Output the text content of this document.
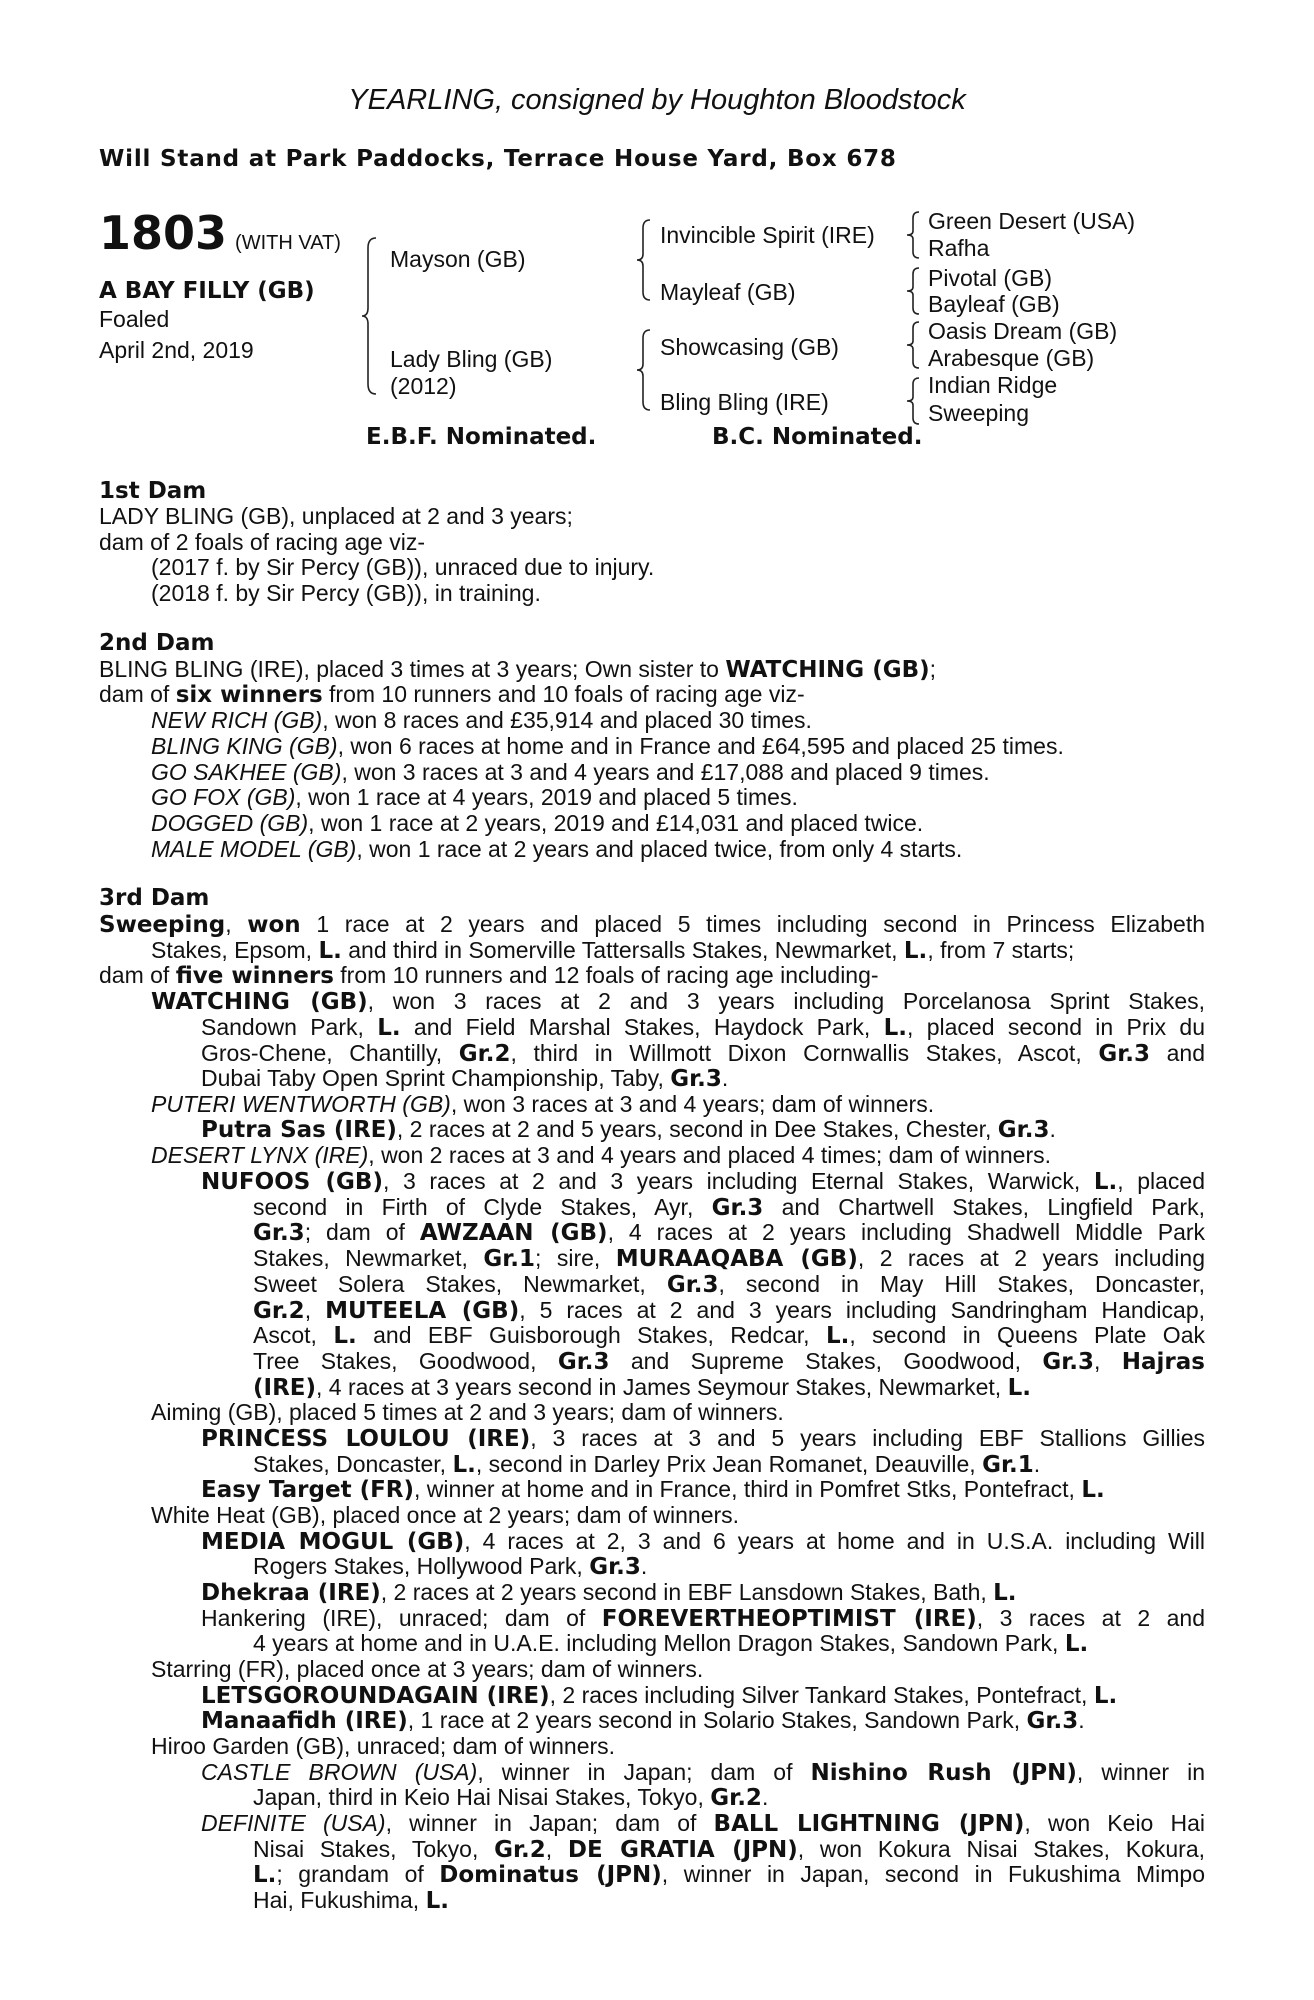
YEARLING, consigned by Houghton Bloodstock
Will Stand at Park Paddocks, Terrace House Yard, Box 678
1803 (WITH VAT)
A BAY FILLY (GB)
Foaled
April 2nd, 2019
Mayson (GB)
Lady Bling (GB)
(2012)
Invincible Spirit (IRE)
Mayleaf (GB)
Showcasing (GB)
Bling Bling (IRE)
Green Desert (USA)
Rafha
Pivotal (GB)
Bayleaf (GB)
Oasis Dream (GB)
Arabesque (GB)
Indian Ridge
Sweeping
E.B.F. Nominated.	B.C. Nominated.
1st Dam
LADY BLING (GB), unplaced at 2 and 3 years;
dam of 2 foals of racing age viz-
(2017 f. by Sir Percy (GB)), unraced due to injury.
(2018 f. by Sir Percy (GB)), in training.
2nd Dam
BLING BLING (IRE), placed 3 times at 3 years; Own sister to WATCHING (GB);
dam of six winners from 10 runners and 10 foals of racing age viz-
NEW RICH (GB), won 8 races and £35,914 and placed 30 times.
BLING KING (GB), won 6 races at home and in France and £64,595 and placed 25 times.
GO SAKHEE (GB), won 3 races at 3 and 4 years and £17,088 and placed 9 times.
GO FOX (GB), won 1 race at 4 years, 2019 and placed 5 times.
DOGGED (GB), won 1 race at 2 years, 2019 and £14,031 and placed twice.
MALE MODEL (GB), won 1 race at 2 years and placed twice, from only 4 starts.
3rd Dam
Sweeping, won 1 race at 2 years and placed 5 times including second in Princess Elizabeth
Stakes, Epsom, L. and third in Somerville Tattersalls Stakes, Newmarket, L., from 7 starts;
dam of five winners from 10 runners and 12 foals of racing age including-
WATCHING (GB), won 3 races at 2 and 3 years including Porcelanosa Sprint Stakes,
Sandown Park, L. and Field Marshal Stakes, Haydock Park, L., placed second in Prix du
Gros-Chene, Chantilly, Gr.2, third in Willmott Dixon Cornwallis Stakes, Ascot, Gr.3 and
Dubai Taby Open Sprint Championship, Taby, Gr.3.
PUTERI WENTWORTH (GB), won 3 races at 3 and 4 years; dam of winners.
Putra Sas (IRE), 2 races at 2 and 5 years, second in Dee Stakes, Chester, Gr.3.
DESERT LYNX (IRE), won 2 races at 3 and 4 years and placed 4 times; dam of winners.
NUFOOS (GB), 3 races at 2 and 3 years including Eternal Stakes, Warwick, L., placed
second in Firth of Clyde Stakes, Ayr, Gr.3 and Chartwell Stakes, Lingfield Park,
Gr.3; dam of AWZAAN (GB), 4 races at 2 years including Shadwell Middle Park
Stakes, Newmarket, Gr.1; sire, MURAAQABA (GB), 2 races at 2 years including
Sweet Solera Stakes, Newmarket, Gr.3, second in May Hill Stakes, Doncaster,
Gr.2, MUTEELA (GB), 5 races at 2 and 3 years including Sandringham Handicap,
Ascot, L. and EBF Guisborough Stakes, Redcar, L., second in Queens Plate Oak
Tree Stakes, Goodwood, Gr.3 and Supreme Stakes, Goodwood, Gr.3, Hajras
(IRE), 4 races at 3 years second in James Seymour Stakes, Newmarket, L.
Aiming (GB), placed 5 times at 2 and 3 years; dam of winners.
PRINCESS LOULOU (IRE), 3 races at 3 and 5 years including EBF Stallions Gillies
Stakes, Doncaster, L., second in Darley Prix Jean Romanet, Deauville, Gr.1.
Easy Target (FR), winner at home and in France, third in Pomfret Stks, Pontefract, L.
White Heat (GB), placed once at 2 years; dam of winners.
MEDIA MOGUL (GB), 4 races at 2, 3 and 6 years at home and in U.S.A. including Will
Rogers Stakes, Hollywood Park, Gr.3.
Dhekraa (IRE), 2 races at 2 years second in EBF Lansdown Stakes, Bath, L.
Hankering (IRE), unraced; dam of FOREVERTHEOPTIMIST (IRE), 3 races at 2 and
4 years at home and in U.A.E. including Mellon Dragon Stakes, Sandown Park, L.
Starring (FR), placed once at 3 years; dam of winners.
LETSGOROUNDAGAIN (IRE), 2 races including Silver Tankard Stakes, Pontefract, L.
Manaafidh (IRE), 1 race at 2 years second in Solario Stakes, Sandown Park, Gr.3.
Hiroo Garden (GB), unraced; dam of winners.
CASTLE BROWN (USA), winner in Japan; dam of Nishino Rush (JPN), winner in
Japan, third in Keio Hai Nisai Stakes, Tokyo, Gr.2.
DEFINITE (USA), winner in Japan; dam of BALL LIGHTNING (JPN), won Keio Hai
Nisai Stakes, Tokyo, Gr.2, DE GRATIA (JPN), won Kokura Nisai Stakes, Kokura,
L.; grandam of Dominatus (JPN), winner in Japan, second in Fukushima Mimpo
Hai, Fukushima, L.
